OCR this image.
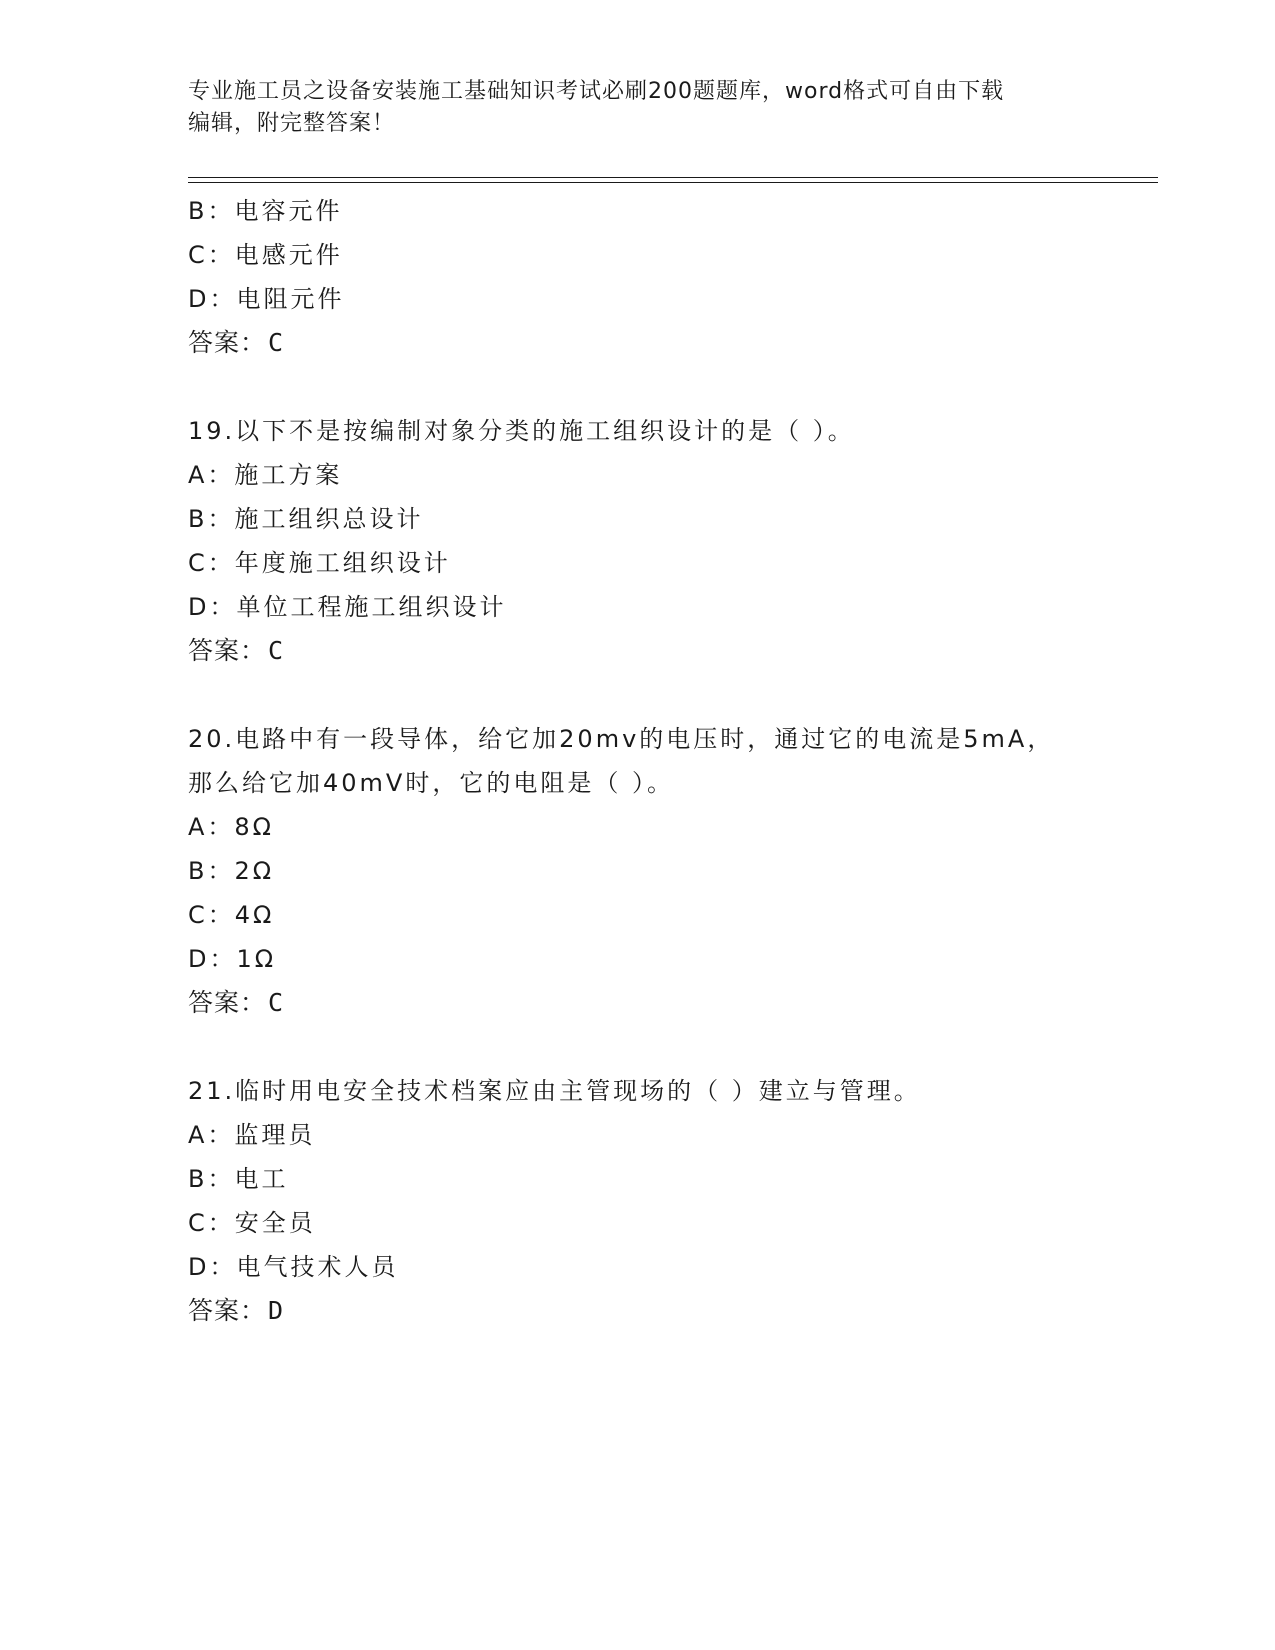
专业施工员之设备安装施工基础知识考试必刷200题题库，word格式可自由下载
编辑，附完整答案！
B：电容元件
C：电感元件
D：电阻元件
答案：C
19.以下不是按编制对象分类的施工组织设计的是（ ）。
A：施工方案
B：施工组织总设计
C：年度施工组织设计
D：单位工程施工组织设计
答案：C
20.电路中有一段导体，给它加20mv的电压时，通过它的电流是5mA，
那么给它加40mV时，它的电阻是（ ）。
A：8Ω
B：2Ω
C：4Ω
D：1Ω
答案：C
21.临时用电安全技术档案应由主管现场的（ ）建立与管理。
A：监理员
B：电工
C：安全员
D：电气技术人员
答案：D
